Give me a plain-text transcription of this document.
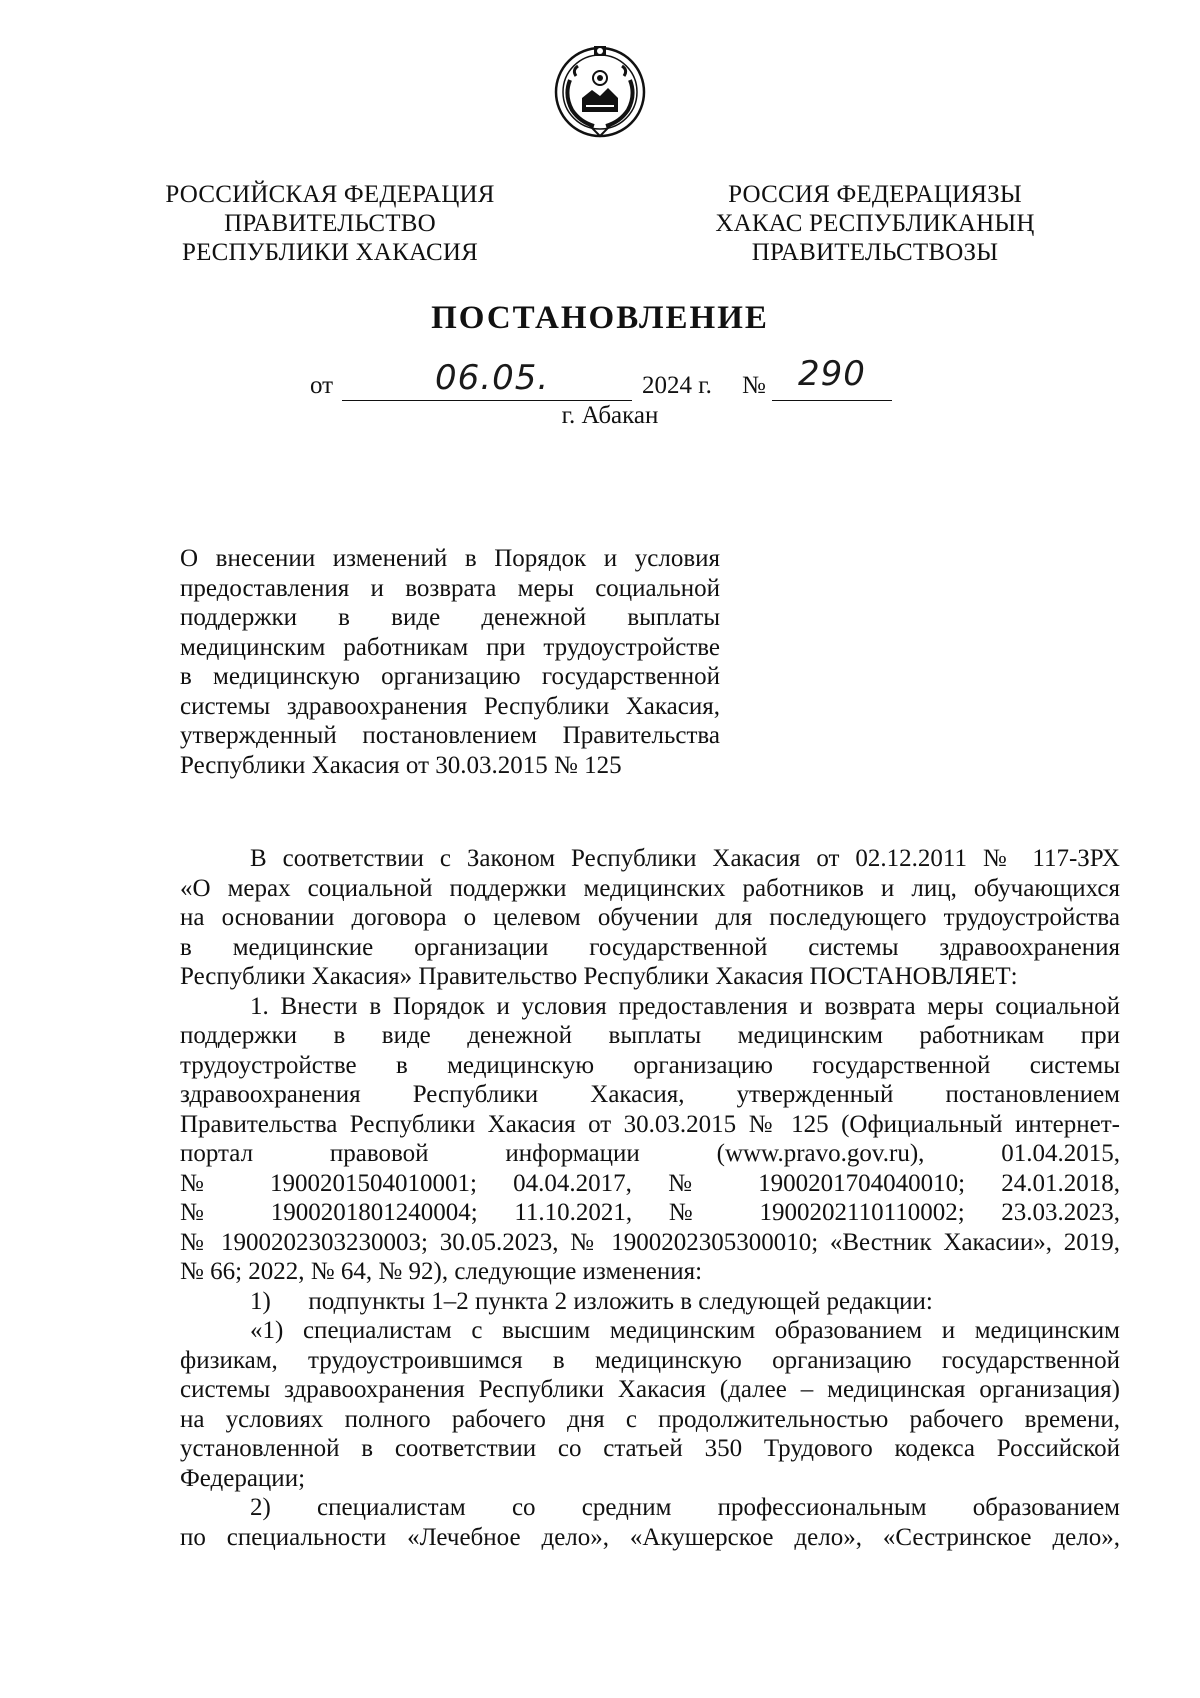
РОССИЙСКАЯ ФЕДЕРАЦИЯ
ПРАВИТЕЛЬСТВО
РЕСПУБЛИКИ ХАКАСИЯ
РОССИЯ ФЕДЕРАЦИЯЗЫ
ХАКАС РЕСПУБЛИКАНЫҢ
ПРАВИТЕЛЬСТВОЗЫ
ПОСТАНОВЛЕНИЕ
от	06.05.	2024 г. № 290
г. Абакан

О внесении изменений в Порядок и условия

предоставления и возврата меры социальной

поддержки в виде денежной выплаты

медицинским работникам при трудоустройстве

в медицинскую организацию государственной

системы здравоохранения Республики Хакасия,

утвержденный постановлением Правительства

Республики Хакасия от 30.03.2015 № 125

В соответствии с Законом Республики Хакасия от 02.12.2011 № 117-ЗРХ

«О мерах социальной поддержки медицинских работников и лиц, обучающихся

на основании договора о целевом обучении для последующего трудоустройства

в медицинские организации государственной системы здравоохранения

Республики Хакасия» Правительство Республики Хакасия ПОСТАНОВЛЯЕТ:

1. Внести в Порядок и условия предоставления и возврата меры социальной

поддержки в виде денежной выплаты медицинским работникам при

трудоустройстве в медицинскую организацию государственной системы

здравоохранения Республики Хакасия, утвержденный постановлением

Правительства Республики Хакасия от 30.03.2015 № 125 (Официальный интернет-

портал правовой информации (www.pravo.gov.ru), 01.04.2015,

№ 1900201504010001; 04.04.2017, № 1900201704040010; 24.01.2018,

№ 1900201801240004; 11.10.2021, № 1900202110110002; 23.03.2023,

№ 1900202303230003; 30.05.2023, № 1900202305300010; «Вестник Хакасии», 2019,

№ 66; 2022, № 64, № 92), следующие изменения:

1)      подпункты 1–2 пункта 2 изложить в следующей редакции:

«1) специалистам с высшим медицинским образованием и медицинским

физикам, трудоустроившимся в медицинскую организацию государственной

системы здравоохранения Республики Хакасия (далее – медицинская организация)

на условиях полного рабочего дня с продолжительностью рабочего времени,

установленной в соответствии со статьей 350 Трудового кодекса Российской

Федерации;

2) специалистам со средним профессиональным образованием

по специальности «Лечебное дело», «Акушерское дело», «Сестринское дело»,
